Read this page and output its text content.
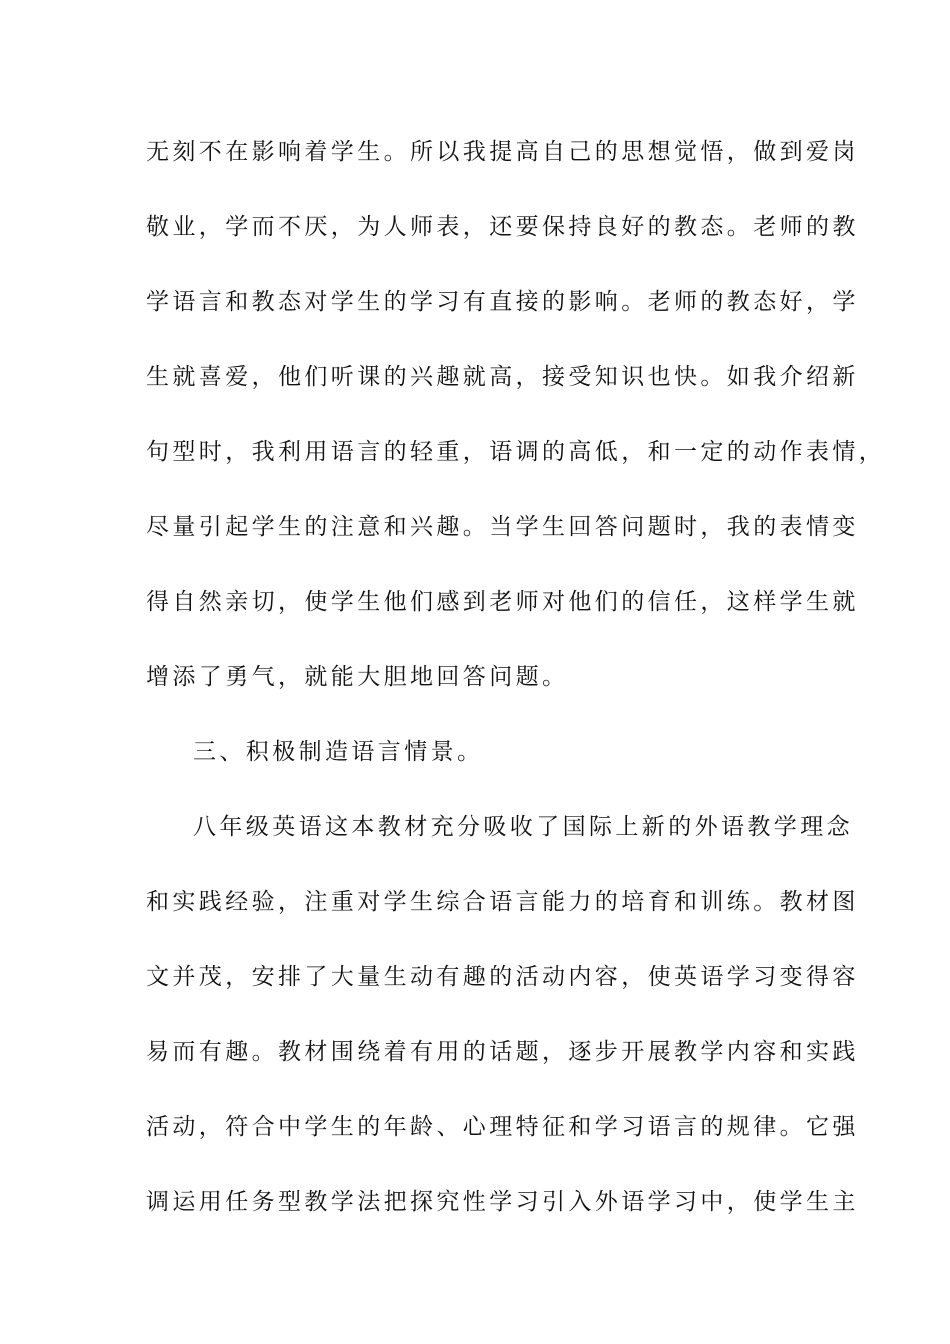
无刻不在影响着学生。所以我提高自己的思想觉悟，做到爱岗
敬业，学而不厌，为人师表，还要保持良好的教态。老师的教
学语言和教态对学生的学习有直接的影响。老师的教态好，学
生就喜爱，他们听课的兴趣就高，接受知识也快。如我介绍新
句型时，我利用语言的轻重，语调的高低，和一定的动作表情，
尽量引起学生的注意和兴趣。当学生回答问题时，我的表情变
得自然亲切，使学生他们感到老师对他们的信任，这样学生就
增添了勇气，就能大胆地回答问题。
三、积极制造语言情景。
八年级英语这本教材充分吸收了国际上新的外语教学理念
和实践经验，注重对学生综合语言能力的培育和训练。教材图
文并茂，安排了大量生动有趣的活动内容，使英语学习变得容
易而有趣。教材围绕着有用的话题，逐步开展教学内容和实践
活动，符合中学生的年龄、心理特征和学习语言的规律。它强
调运用任务型教学法把探究性学习引入外语学习中，使学生主
